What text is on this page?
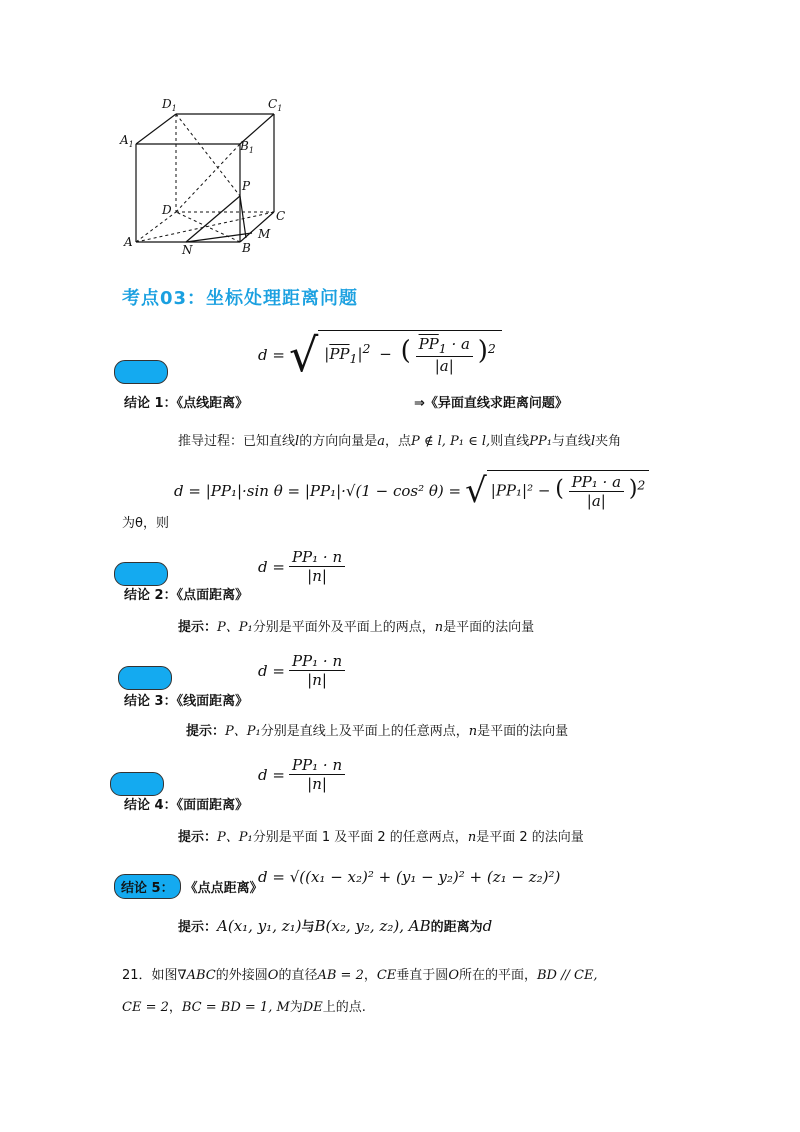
$D_1$	$C_1$
$A_1$	$B_1$
P
D	C
A
N	B
M
考点03：坐标处理距离问题
结论 1：《点线距离》
d = √ $|\overline{PP}_1|^2$ − ( $\frac{\overline{PP}_1 \cdot a}{|a|} )^2$
⇒《异面直线求距离问题》
推导过程：已知直线l的方向向量是a，点P ∉ l, P₁ ∈ l,则直线PP₁与直线l夹角
d = |PP₁|·sin θ = |PP₁|·√(1 − cos² θ) = √ |PP₁|² − ( $\frac{\text{PP₁ · a}}{|a|} )^2$
为θ，则
结论 2：《点面距离》
$d = \frac{\text{PP₁ · n}}{|n|}$
提示：P、P₁分别是平面外及平面上的两点，n是平面的法向量
结论 3：《线面距离》
$d = \frac{\text{PP₁ · n}}{|n|}$
提示：P、P₁分别是直线上及平面上的任意两点，n是平面的法向量
结论 4：《面面距离》
$d = \frac{\text{PP₁ · n}}{|n|}$
提示：P、P₁分别是平面 1 及平面 2 的任意两点，n是平面 2 的法向量
结论 5： 《点点距离》
d = √((x₁ − x₂)² + (y₁ − y₂)² + (z₁ − z₂)²)
提示：A(x₁, y₁, z₁)与B(x₂, y₂, z₂), AB的距离为d
21．如图∇ABC的外接圆O的直径AB = 2，CE垂直于圆O所在的平面，BD // CE,
CE = 2，BC = BD = 1, M为DE上的点.
